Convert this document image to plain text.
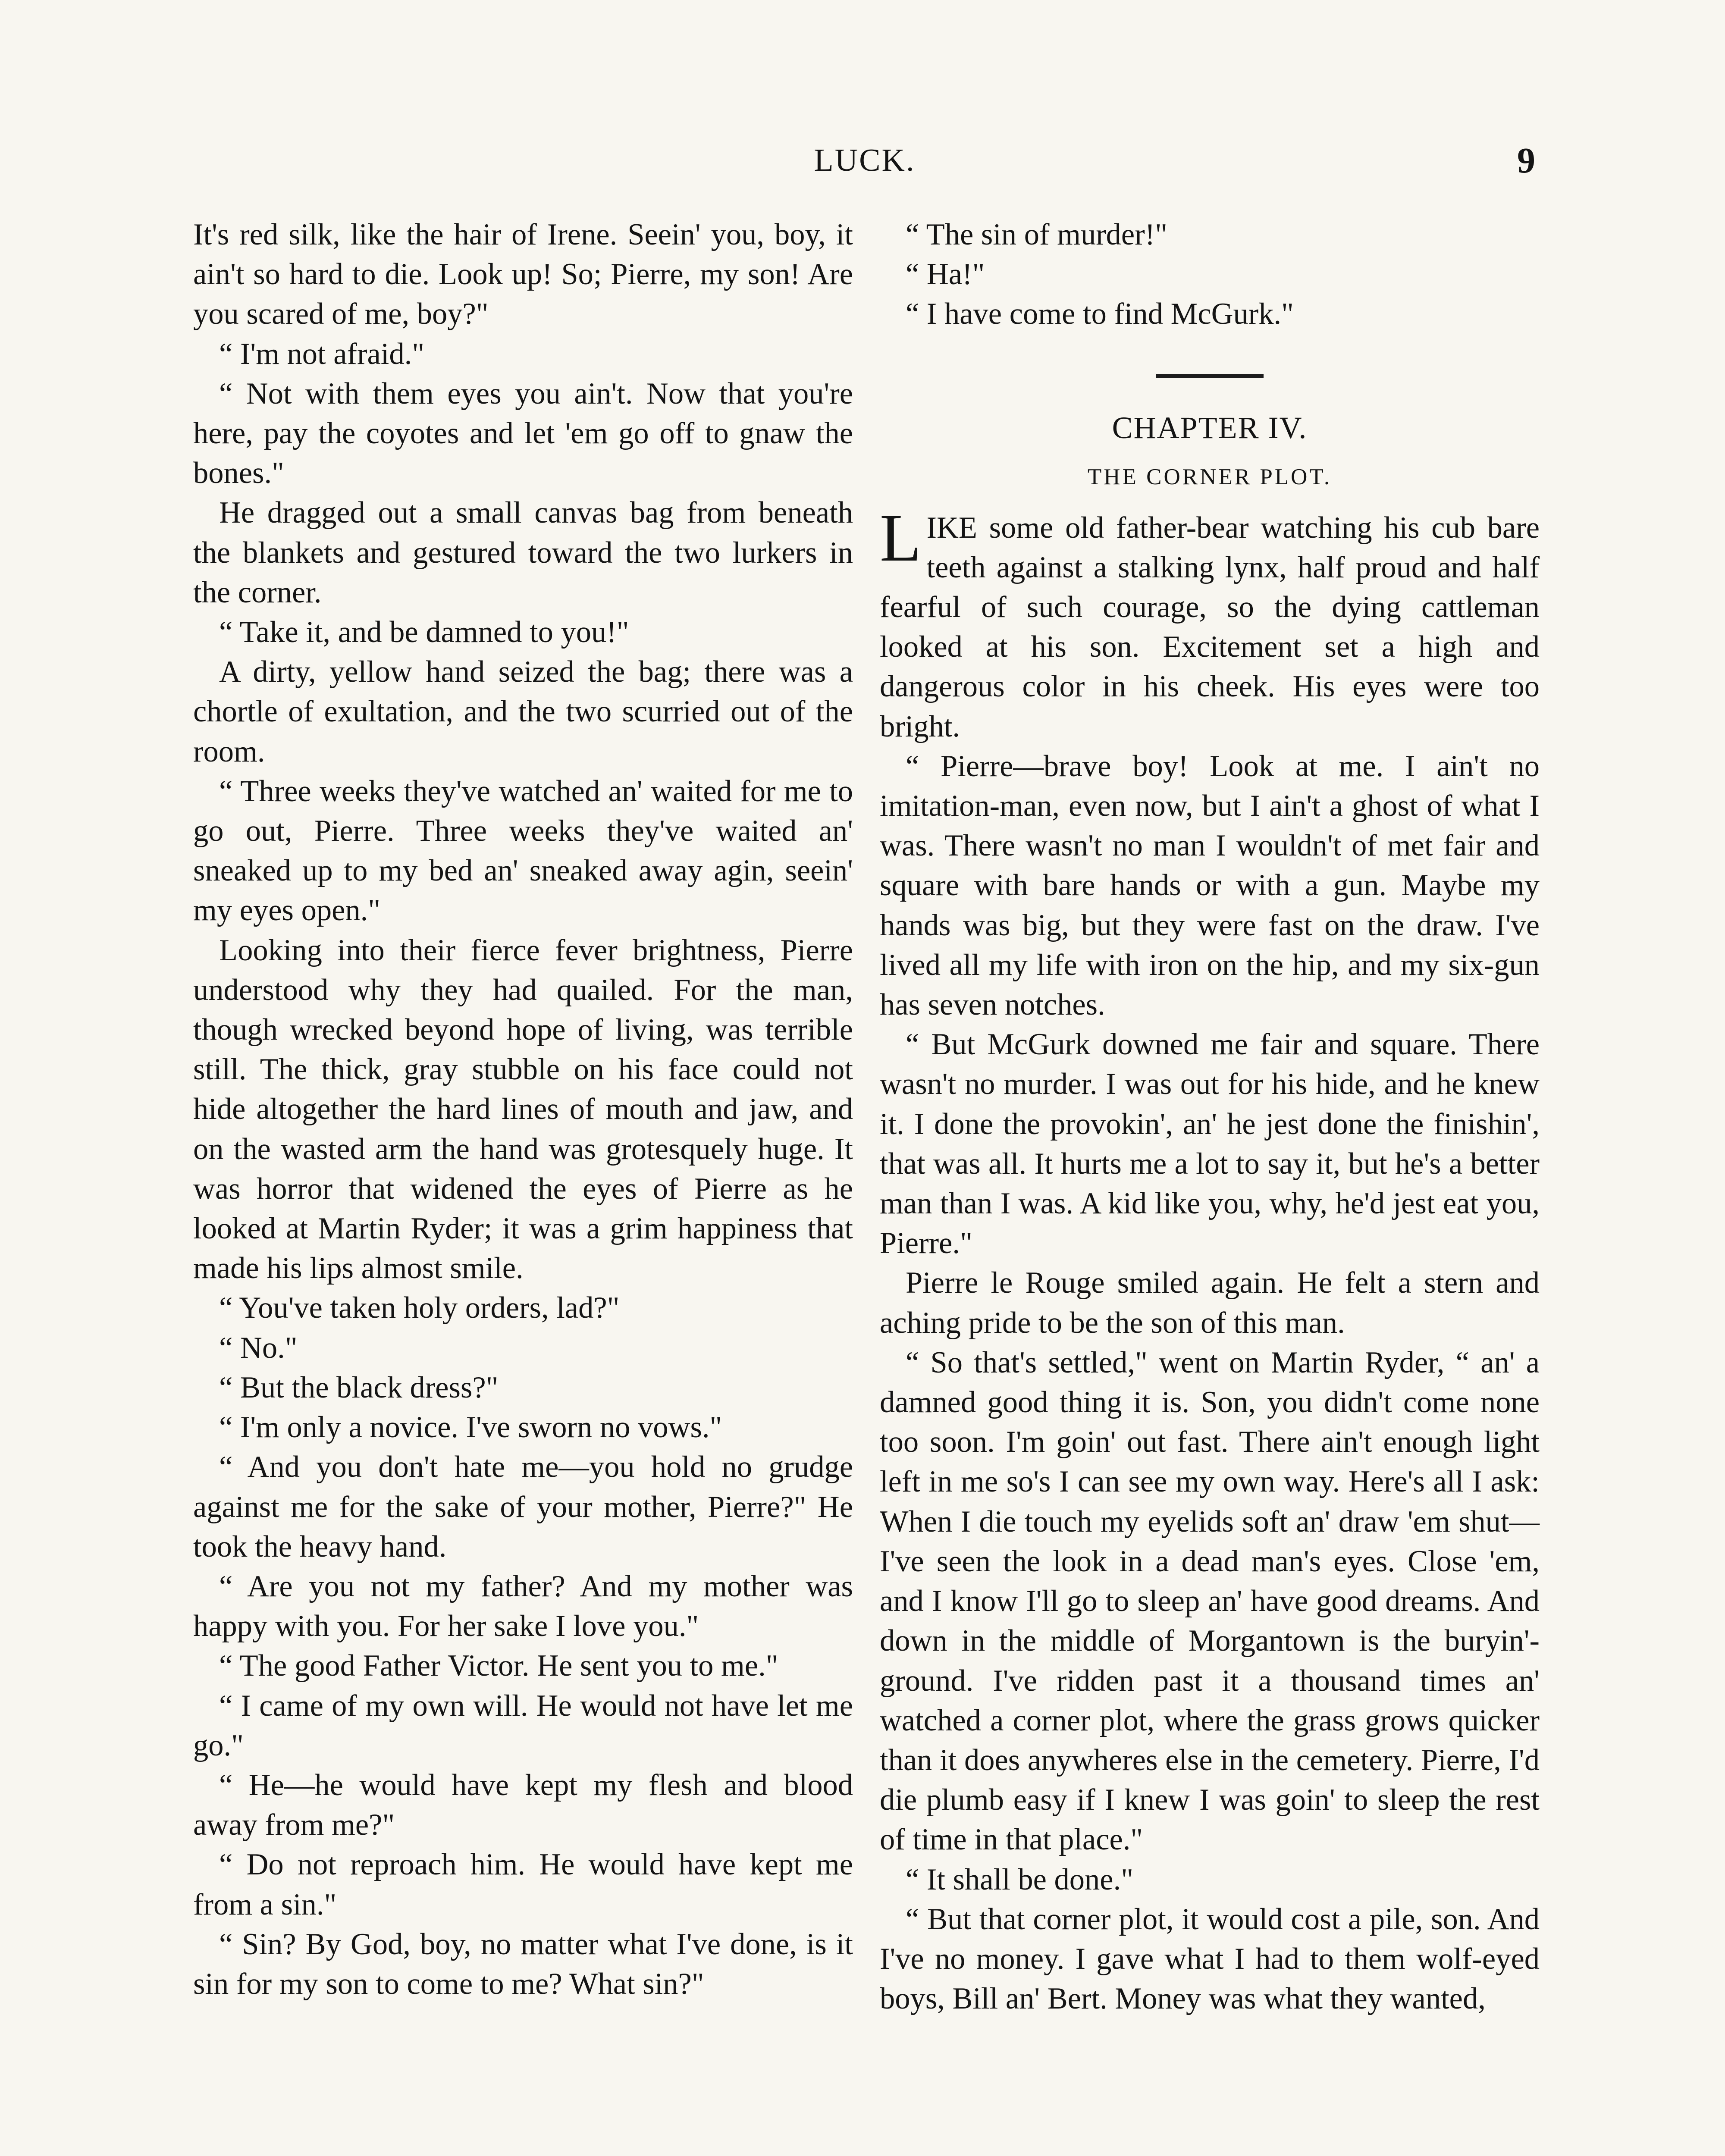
LUCK.	9

It's red silk, like the hair of Irene. Seein' you, boy, it ain't so hard to die. Look up! So; Pierre, my son! Are you scared of me, boy?"

“ I'm not afraid."

“ Not with them eyes you ain't. Now that you're here, pay the coyotes and let 'em go off to gnaw the bones."

He dragged out a small canvas bag from beneath the blankets and gestured toward the two lurkers in the corner.

“ Take it, and be damned to you!"

A dirty, yellow hand seized the bag; there was a chortle of exultation, and the two scurried out of the room.

“ Three weeks they've watched an' waited for me to go out, Pierre. Three weeks they've waited an' sneaked up to my bed an' sneaked away agin, seein' my eyes open."

Looking into their fierce fever brightness, Pierre understood why they had quailed. For the man, though wrecked beyond hope of living, was terrible still. The thick, gray stubble on his face could not hide altogether the hard lines of mouth and jaw, and on the wasted arm the hand was grotesquely huge. It was horror that widened the eyes of Pierre as he looked at Martin Ryder; it was a grim happiness that made his lips almost smile.

“ You've taken holy orders, lad?"

“ No."

“ But the black dress?"

“ I'm only a novice. I've sworn no vows."

“ And you don't hate me—you hold no grudge against me for the sake of your mother, Pierre?" He took the heavy hand.

“ Are you not my father? And my mother was happy with you. For her sake I love you."

“ The good Father Victor. He sent you to me."

“ I came of my own will. He would not have let me go."

“ He—he would have kept my flesh and blood away from me?"

“ Do not reproach him. He would have kept me from a sin."

“ Sin? By God, boy, no matter what I've done, is it sin for my son to come to me? What sin?"

“ The sin of murder!"

“ Ha!"

“ I have come to find McGurk."

CHAPTER IV.
THE CORNER PLOT.

LIKE some old father-bear watching his cub bare teeth against a stalking lynx, half proud and half fearful of such courage, so the dying cattleman looked at his son. Excitement set a high and dangerous color in his cheek. His eyes were too bright.

“ Pierre—brave boy! Look at me. I ain't no imitation-man, even now, but I ain't a ghost of what I was. There wasn't no man I wouldn't of met fair and square with bare hands or with a gun. Maybe my hands was big, but they were fast on the draw. I've lived all my life with iron on the hip, and my six-gun has seven notches.

“ But McGurk downed me fair and square. There wasn't no murder. I was out for his hide, and he knew it. I done the provokin', an' he jest done the finishin', that was all. It hurts me a lot to say it, but he's a better man than I was. A kid like you, why, he'd jest eat you, Pierre."

Pierre le Rouge smiled again. He felt a stern and aching pride to be the son of this man.

“ So that's settled," went on Martin Ryder, “ an' a damned good thing it is. Son, you didn't come none too soon. I'm goin' out fast. There ain't enough light left in me so's I can see my own way. Here's all I ask: When I die touch my eyelids soft an' draw 'em shut—I've seen the look in a dead man's eyes. Close 'em, and I know I'll go to sleep an' have good dreams. And down in the middle of Morgantown is the buryin'-ground. I've ridden past it a thousand times an' watched a corner plot, where the grass grows quicker than it does anywheres else in the cemetery. Pierre, I'd die plumb easy if I knew I was goin' to sleep the rest of time in that place."

“ It shall be done."

“ But that corner plot, it would cost a pile, son. And I've no money. I gave what I had to them wolf-eyed boys, Bill an' Bert. Money was what they wanted,
